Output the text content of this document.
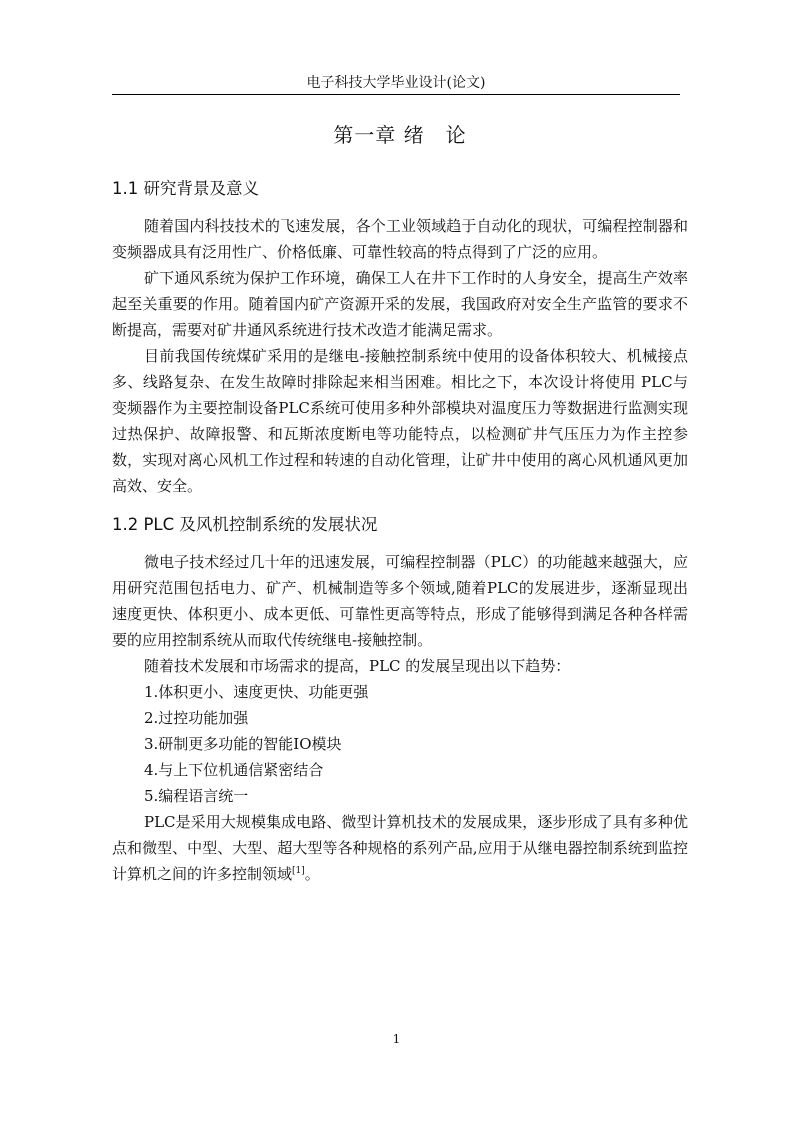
电子科技大学毕业设计(论文)
第一章 绪　论
1.1 研究背景及意义

随着国内科技技术的飞速发展，各个工业领域趋于自动化的现状，可编程控制器和变频器成具有泛用性广、价格低廉、可靠性较高的特点得到了广泛的应用。

矿下通风系统为保护工作环境，确保工人在井下工作时的人身安全，提高生产效率起至关重要的作用。随着国内矿产资源开采的发展，我国政府对安全生产监管的要求不断提高，需要对矿井通风系统进行技术改造才能满足需求。

目前我国传统煤矿采用的是继电-接触控制系统中使用的设备体积较大、机械接点多、线路复杂、在发生故障时排除起来相当困难。相比之下，本次设计将使用 PLC与变频器作为主要控制设备PLC系统可使用多种外部模块对温度压力等数据进行监测实现过热保护、故障报警、和瓦斯浓度断电等功能特点，以检测矿井气压压力为作主控参数，实现对离心风机工作过程和转速的自动化管理，让矿井中使用的离心风机通风更加高效、安全。

1.2 PLC 及风机控制系统的发展状况

微电子技术经过几十年的迅速发展，可编程控制器（PLC）的功能越来越强大，应用研究范围包括电力、矿产、机械制造等多个领域,随着PLC的发展进步，逐渐显现出速度更快、体积更小、成本更低、可靠性更高等特点，形成了能够得到满足各种各样需要的应用控制系统从而取代传统继电-接触控制。

随着技术发展和市场需求的提高，PLC 的发展呈现出以下趋势：

1.体积更小、速度更快、功能更强

2.过控功能加强

3.研制更多功能的智能IO模块

4.与上下位机通信紧密结合

5.编程语言统一

PLC是采用大规模集成电路、微型计算机技术的发展成果，逐步形成了具有多种优点和微型、中型、大型、超大型等各种规格的系列产品,应用于从继电器控制系统到监控计算机之间的许多控制领域[1]。

1
